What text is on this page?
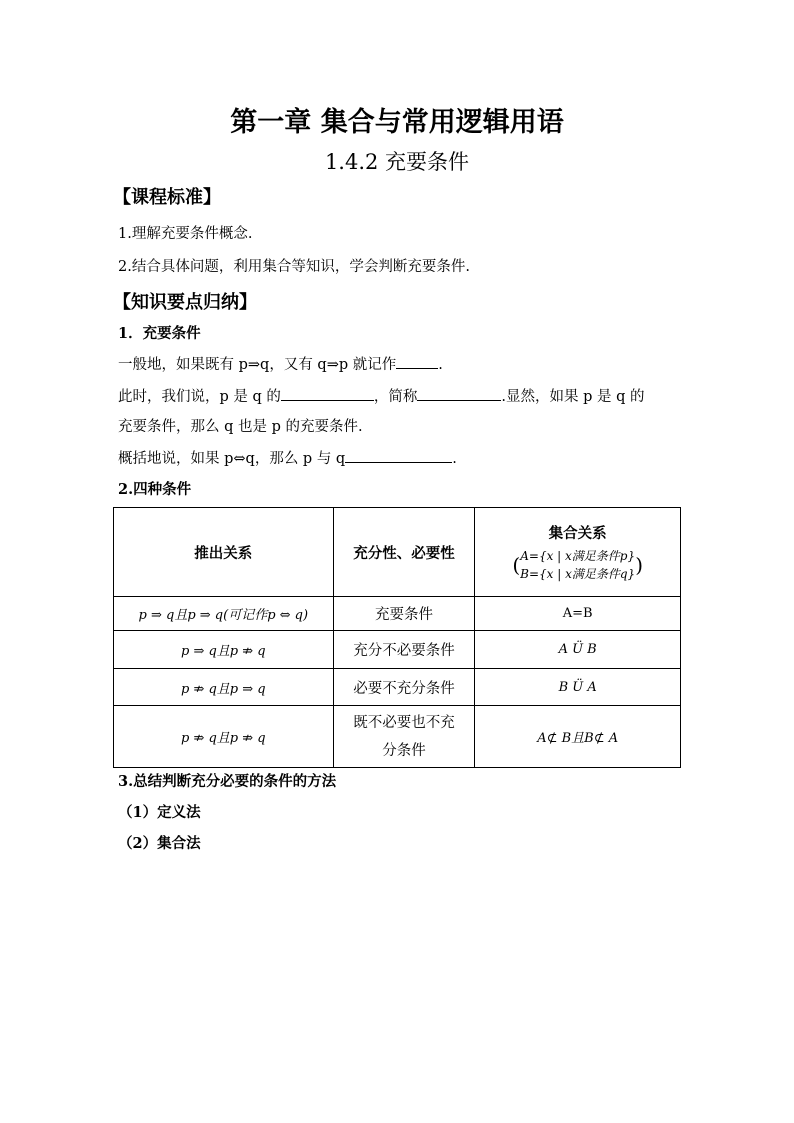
第一章 集合与常用逻辑用语
1.4.2 充要条件
【课程标准】
1.理解充要条件概念.
2.结合具体问题，利用集合等知识，学会判断充要条件.
【知识要点归纳】
1．充要条件
一般地，如果既有 p⇒q，又有 q⇒p 就记作	.
此时，我们说，p 是 q 的	，简称	.显然，如果 p 是 q 的
充要条件，那么 q 也是 p 的充要条件.
概括地说，如果 p⇔q，那么 p 与 q	.
2.四种条件
推出关系	充分性、必要性	集合关系
( A={x | x满足条件p}
B={x | x满足条件q} )

p ⇒ q且p ⇒ q(可记作p ⇔ q)	充要条件	A=B
p ⇒ q且p ⇏ q	充分不必要条件	A Ü B
p ⇏ q且p ⇒ q	必要不充分条件	B Ü A
p ⇏ q且p ⇏ q	既不必要也不充
分条件	A⊄ B且B⊄ A
3.总结判断充分必要的条件的方法
（1）定义法
（2）集合法
